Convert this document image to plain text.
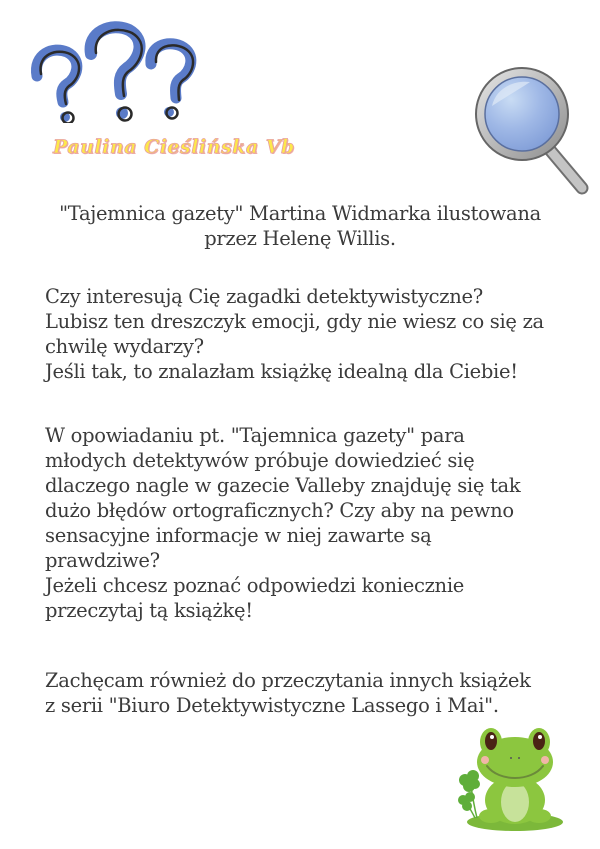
Paulina Cieślińska Vb
"Tajemnica gazety" Martina Widmarka ilustowana
przez Helenę Willis.
Czy interesują Cię zagadki detektywistyczne?
Lubisz ten dreszczyk emocji, gdy nie wiesz co się za
chwilę wydarzy?
Jeśli tak, to znalazłam książkę idealną dla Ciebie!
W opowiadaniu pt. "Tajemnica gazety" para
młodych detektywów próbuje dowiedzieć się
dlaczego nagle w gazecie Valleby znajduję się tak
dużo błędów ortograficznych? Czy aby na pewno
sensacyjne informacje w niej zawarte są
prawdziwe?
Jeżeli chcesz poznać odpowiedzi koniecznie
przeczytaj tą książkę!
Zachęcam również do przeczytania innych książek
z serii "Biuro Detektywistyczne Lassego i Mai".
